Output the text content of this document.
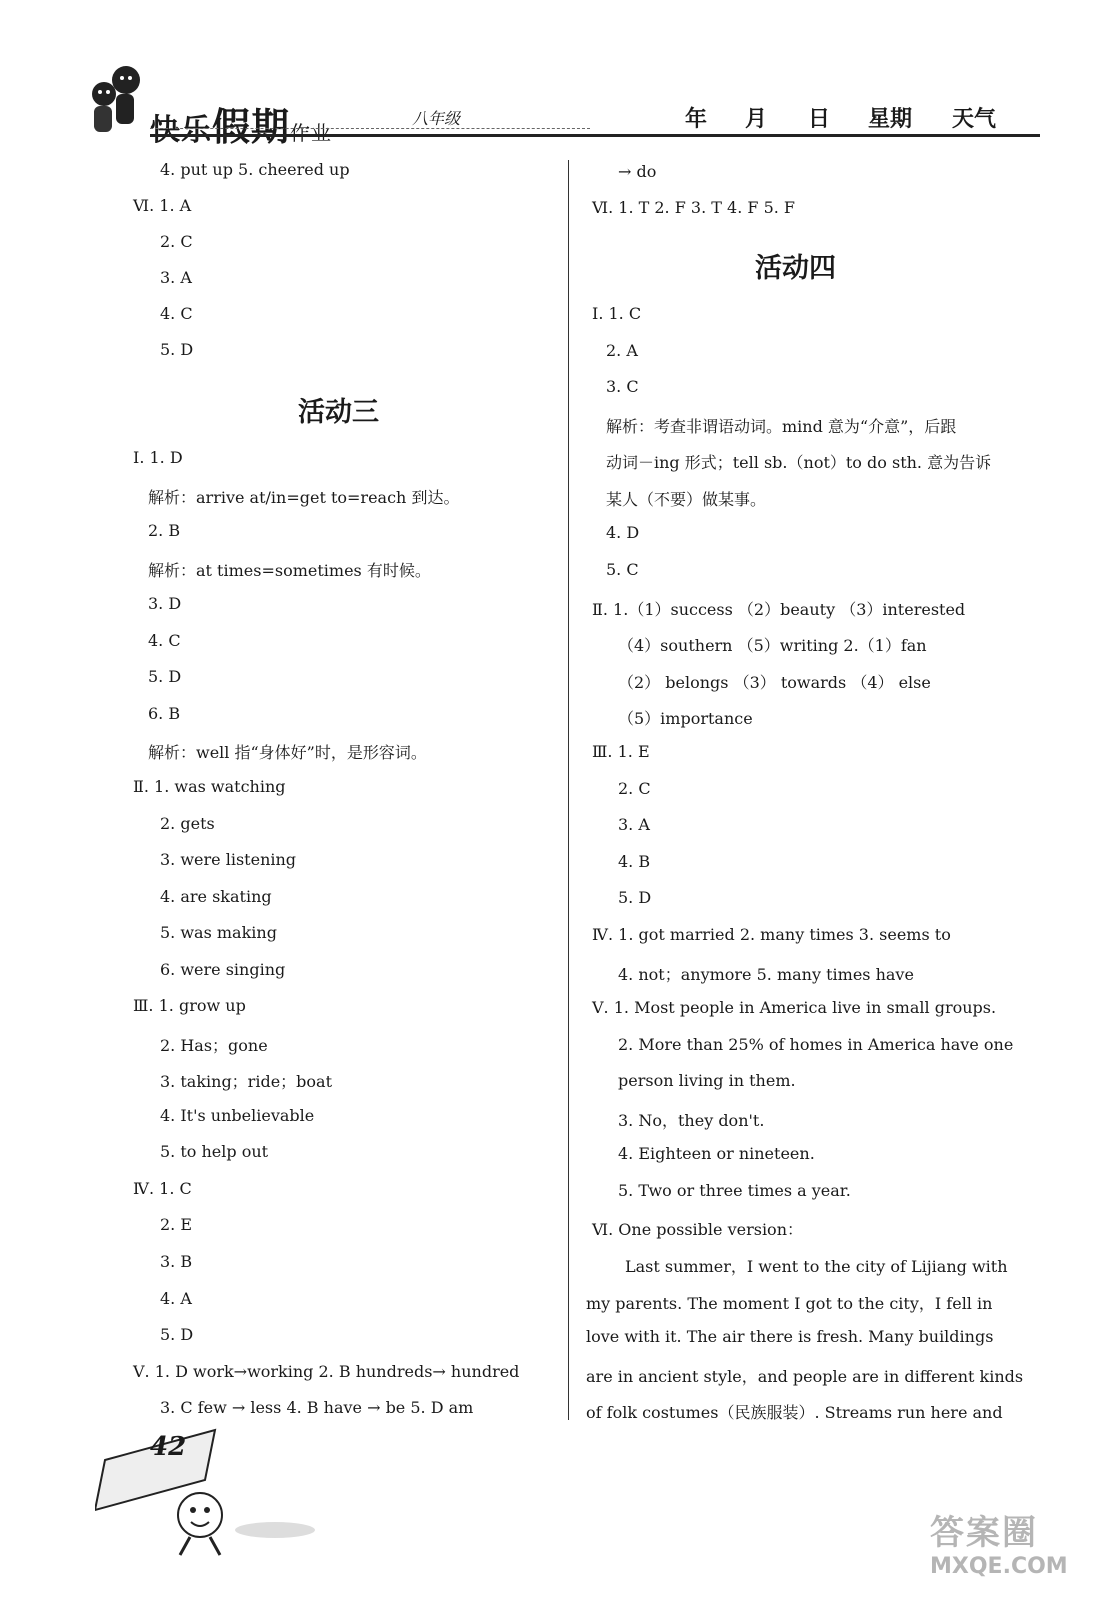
快乐假期作业
八年级	年 月 日 星期 天气
4. put up 5. cheered up
Ⅵ. 1. A
2. C
3. A
4. C
5. D
活动三
Ⅰ. 1. D
解析：arrive at/in=get to=reach 到达。
2. B
解析：at times=sometimes 有时候。
3. D
4. C
5. D
6. B
解析：well 指“身体好”时，是形容词。
Ⅱ. 1. was watching
2. gets
3. were listening
4. are skating
5. was making
6. were singing
Ⅲ. 1. grow up
2. Has；gone
3. taking；ride；boat
4. It's unbelievable
5. to help out
Ⅳ. 1. C
2. E
3. B
4. A
5. D
Ⅴ. 1. D work→working 2. B hundreds→ hundred
3. C few → less 4. B have → be 5. D am
→ do
Ⅵ. 1. T 2. F 3. T 4. F 5. F
活动四
Ⅰ. 1. C
2. A
3. C
解析：考查非谓语动词。mind 意为“介意”，后跟
动词－ing 形式；tell sb.（not）to do sth. 意为告诉
某人（不要）做某事。
4. D
5. C
Ⅱ. 1.（1）success （2）beauty （3）interested
（4）southern （5）writing 2.（1）fan
（2） belongs （3） towards （4） else
（5）importance
Ⅲ. 1. E
2. C
3. A
4. B
5. D
Ⅳ. 1. got married 2. many times 3. seems to
4. not；anymore 5. many times have
Ⅴ. 1. Most people in America live in small groups.
2. More than 25% of homes in America have one
person living in them.
3. No，they don't.
4. Eighteen or nineteen.
5. Two or three times a year.
Ⅵ. One possible version：
Last summer，I went to the city of Lijiang with
my parents. The moment I got to the city，I fell in
love with it. The air there is fresh. Many buildings
are in ancient style，and people are in different kinds
of folk costumes（民族服装）. Streams run here and
42
答案圈
MXQE.COM
